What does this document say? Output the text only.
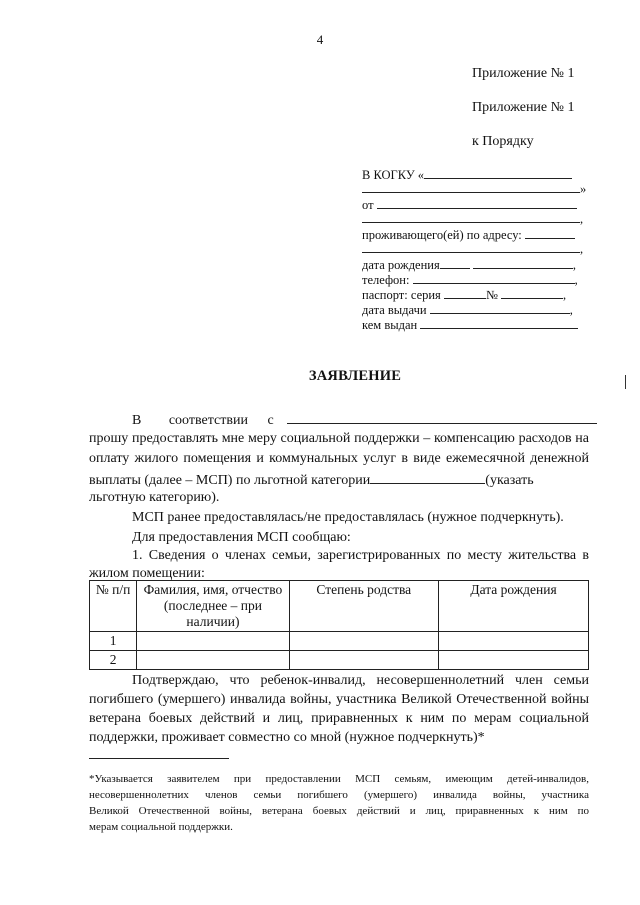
4
Приложение № 1
Приложение № 1
к Порядку
В КОГКУ «
»
от
,
проживающего(ей) по адресу:
,
дата рождения	,
телефон:	,
паспорт: серия	№	,
дата выдачи	,
кем выдан
ЗАЯВЛЕНИЕ
В соответствии с
прошу предоставлять мне меру социальной поддержки – компенсацию расходов на
оплату жилого помещения и коммунальных услуг в виде ежемесячной денежной
выплаты (далее – МСП) по льготной категории	(указать
льготную категорию).
МСП ранее предоставлялась/не предоставлялась (нужное подчеркнуть).
Для предоставления МСП сообщаю:
1. Сведения о членах семьи, зарегистрированных по месту жительства в
жилом помещении:
№ п/п	Фамилия, имя, отчество (последнее – при наличии)	Степень родства	Дата рождения
1			
2			
Подтверждаю, что ребенок-инвалид, несовершеннолетний член семьи
погибшего (умершего) инвалида войны, участника Великой Отечественной войны
ветерана боевых действий и лиц, приравненных к ним по мерам социальной
поддержки, проживает совместно со мной (нужное подчеркнуть)*
*Указывается заявителем при предоставлении МСП семьям, имеющим детей-инвалидов,
несовершеннолетних членов семьи погибшего (умершего) инвалида войны, участника
Великой Отечественной войны, ветерана боевых действий и лиц, приравненных к ним по
мерам социальной поддержки.
